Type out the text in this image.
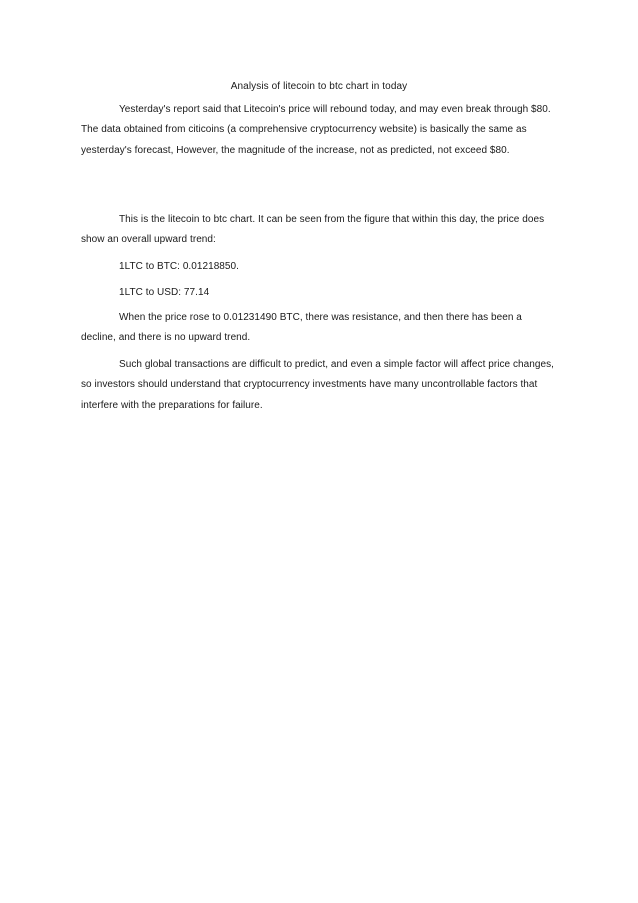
Analysis of litecoin to btc chart in today

Yesterday's report said that Litecoin's price will rebound today, and may even break through $80. The data obtained from citicoins (a comprehensive cryptocurrency website) is basically the same as yesterday's forecast, However, the magnitude of the increase, not as predicted, not exceed $80.

This is the litecoin to btc chart. It can be seen from the figure that within this day, the price does show an overall upward trend:

1LTC to BTC: 0.01218850.

1LTC to USD: 77.14

When the price rose to 0.01231490 BTC, there was resistance, and then there has been a decline, and there is no upward trend.

Such global transactions are difficult to predict, and even a simple factor will affect price changes, so investors should understand that cryptocurrency investments have many uncontrollable factors that interfere with the preparations for failure.
